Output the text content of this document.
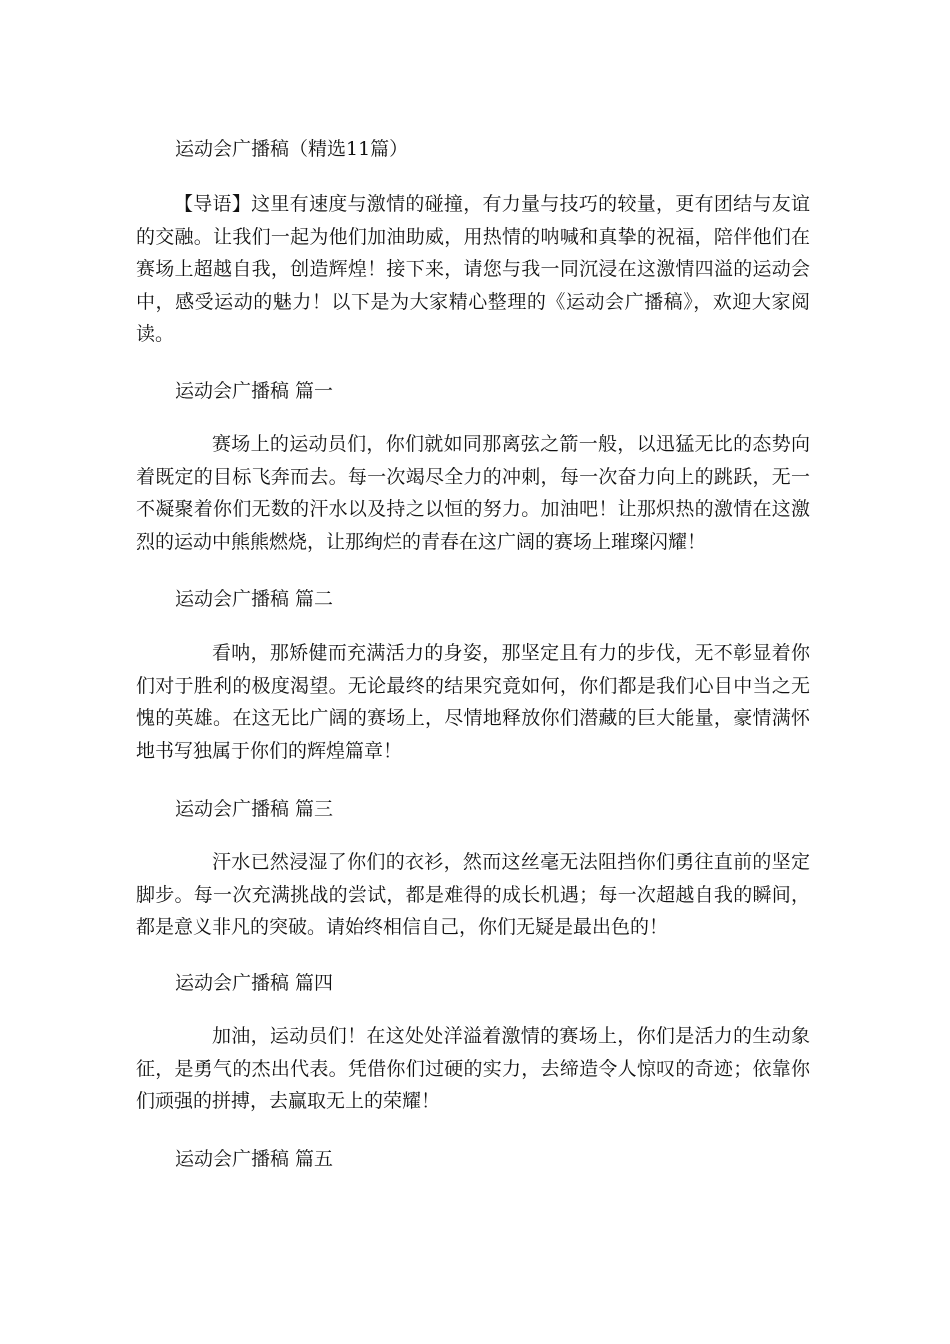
运动会广播稿（精选11篇）

【导语】这里有速度与激情的碰撞，有力量与技巧的较量，更有团结与友谊的交融。让我们一起为他们加油助威，用热情的呐喊和真挚的祝福，陪伴他们在赛场上超越自我，创造辉煌！接下来，请您与我一同沉浸在这激情四溢的运动会中，感受运动的魅力！以下是为大家精心整理的《运动会广播稿》，欢迎大家阅读。

运动会广播稿 篇一

赛场上的运动员们，你们就如同那离弦之箭一般，以迅猛无比的态势向着既定的目标飞奔而去。每一次竭尽全力的冲刺，每一次奋力向上的跳跃，无一不凝聚着你们无数的汗水以及持之以恒的努力。加油吧！让那炽热的激情在这激烈的运动中熊熊燃烧，让那绚烂的青春在这广阔的赛场上璀璨闪耀！

运动会广播稿 篇二

看呐，那矫健而充满活力的身姿，那坚定且有力的步伐，无不彰显着你们对于胜利的极度渴望。无论最终的结果究竟如何，你们都是我们心目中当之无愧的英雄。在这无比广阔的赛场上，尽情地释放你们潜藏的巨大能量，豪情满怀地书写独属于你们的辉煌篇章！

运动会广播稿 篇三

汗水已然浸湿了你们的衣衫，然而这丝毫无法阻挡你们勇往直前的坚定脚步。每一次充满挑战的尝试，都是难得的成长机遇；每一次超越自我的瞬间，都是意义非凡的突破。请始终相信自己，你们无疑是最出色的！

运动会广播稿 篇四

加油，运动员们！在这处处洋溢着激情的赛场上，你们是活力的生动象征，是勇气的杰出代表。凭借你们过硬的实力，去缔造令人惊叹的奇迹；依靠你们顽强的拼搏，去赢取无上的荣耀！

运动会广播稿 篇五
